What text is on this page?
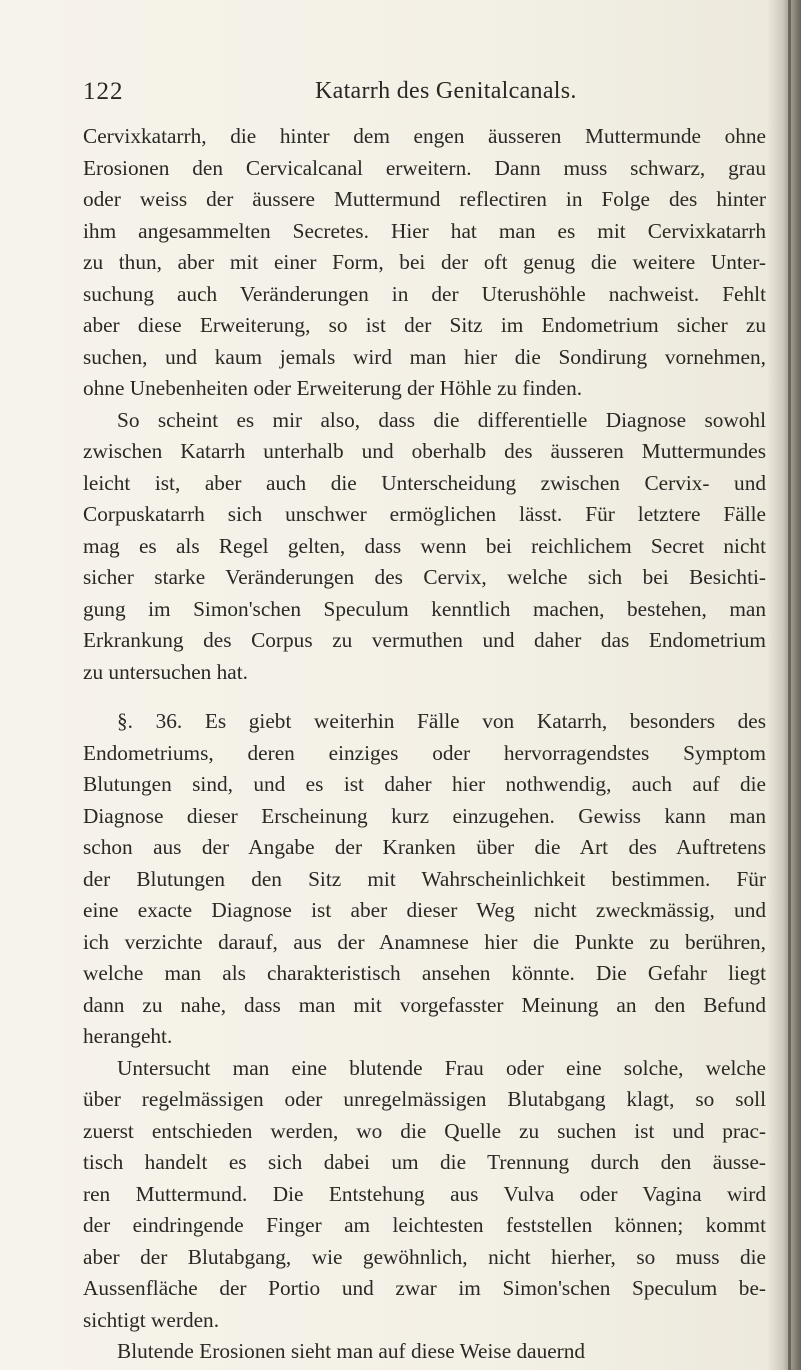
122	Katarrh des Genitalcanals.
Cervixkatarrh, die hinter dem engen äusseren Muttermunde ohne
Erosionen den Cervicalcanal erweitern. Dann muss schwarz, grau
oder weiss der äussere Muttermund reflectiren in Folge des hinter
ihm angesammelten Secretes. Hier hat man es mit Cervixkatarrh
zu thun, aber mit einer Form, bei der oft genug die weitere Unter-
suchung auch Veränderungen in der Uterushöhle nachweist. Fehlt
aber diese Erweiterung, so ist der Sitz im Endometrium sicher zu
suchen, und kaum jemals wird man hier die Sondirung vornehmen,
ohne Unebenheiten oder Erweiterung der Höhle zu finden.
So scheint es mir also, dass die differentielle Diagnose sowohl
zwischen Katarrh unterhalb und oberhalb des äusseren Muttermundes
leicht ist, aber auch die Unterscheidung zwischen Cervix- und
Corpuskatarrh sich unschwer ermöglichen lässt. Für letztere Fälle
mag es als Regel gelten, dass wenn bei reichlichem Secret nicht
sicher starke Veränderungen des Cervix, welche sich bei Besichti-
gung im Simon'schen Speculum kenntlich machen, bestehen, man
Erkrankung des Corpus zu vermuthen und daher das Endometrium
zu untersuchen hat.
§. 36. Es giebt weiterhin Fälle von Katarrh, besonders des
Endometriums, deren einziges oder hervorragendstes Symptom
Blutungen sind, und es ist daher hier nothwendig, auch auf die
Diagnose dieser Erscheinung kurz einzugehen. Gewiss kann man
schon aus der Angabe der Kranken über die Art des Auftretens
der Blutungen den Sitz mit Wahrscheinlichkeit bestimmen. Für
eine exacte Diagnose ist aber dieser Weg nicht zweckmässig, und
ich verzichte darauf, aus der Anamnese hier die Punkte zu berühren,
welche man als charakteristisch ansehen könnte. Die Gefahr liegt
dann zu nahe, dass man mit vorgefasster Meinung an den Befund
herangeht.
Untersucht man eine blutende Frau oder eine solche, welche
über regelmässigen oder unregelmässigen Blutabgang klagt, so soll
zuerst entschieden werden, wo die Quelle zu suchen ist und prac-
tisch handelt es sich dabei um die Trennung durch den äusse-
ren Muttermund. Die Entstehung aus Vulva oder Vagina wird
der eindringende Finger am leichtesten feststellen können; kommt
aber der Blutabgang, wie gewöhnlich, nicht hierher, so muss die
Aussenfläche der Portio und zwar im Simon'schen Speculum be-
sichtigt werden.
Blutende Erosionen sieht man auf diese Weise dauernd
